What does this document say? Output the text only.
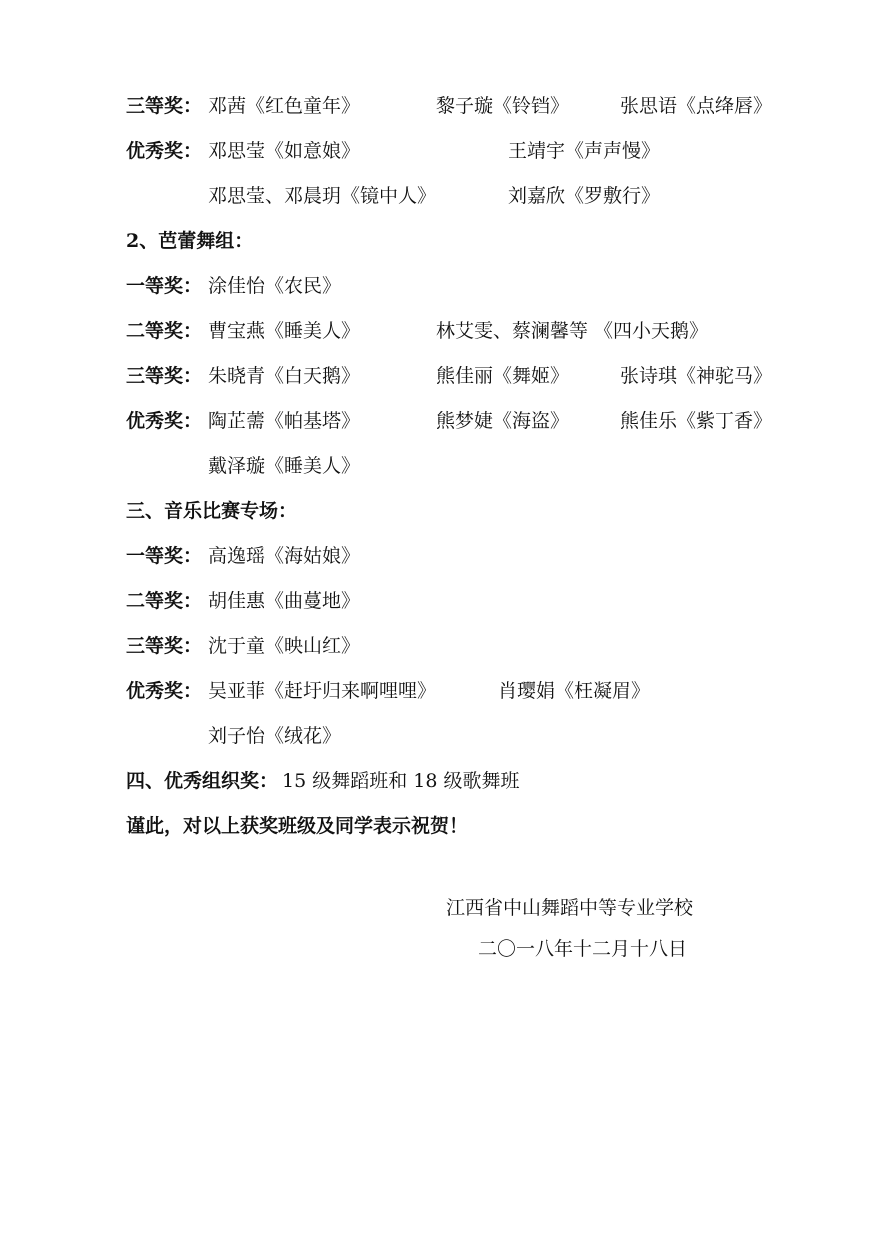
三等奖： 邓茜《红色童年》	黎子璇《铃铛》	张思语《点绛唇》
优秀奖： 邓思莹《如意娘》	王靖宇《声声慢》
邓思莹、邓晨玥《镜中人》	刘嘉欣《罗敷行》
2、芭蕾舞组：
一等奖： 涂佳怡《农民》
二等奖： 曹宝燕《睡美人》	林艾雯、蔡澜馨等 《四小天鹅》
三等奖： 朱晓青《白天鹅》	熊佳丽《舞姬》	张诗琪《神驼马》
优秀奖： 陶芷薷《帕基塔》	熊梦婕《海盗》	熊佳乐《紫丁香》
戴泽璇《睡美人》
三、音乐比赛专场：
一等奖： 高逸瑶《海姑娘》
二等奖： 胡佳惠《曲蔓地》
三等奖： 沈于童《映山红》
优秀奖： 吴亚菲《赶圩归来啊哩哩》	肖璎娟《枉凝眉》
刘子怡《绒花》
四、优秀组织奖： 15 级舞蹈班和 18 级歌舞班
谨此，对以上获奖班级及同学表示祝贺！
江西省中山舞蹈中等专业学校
二〇一八年十二月十八日
